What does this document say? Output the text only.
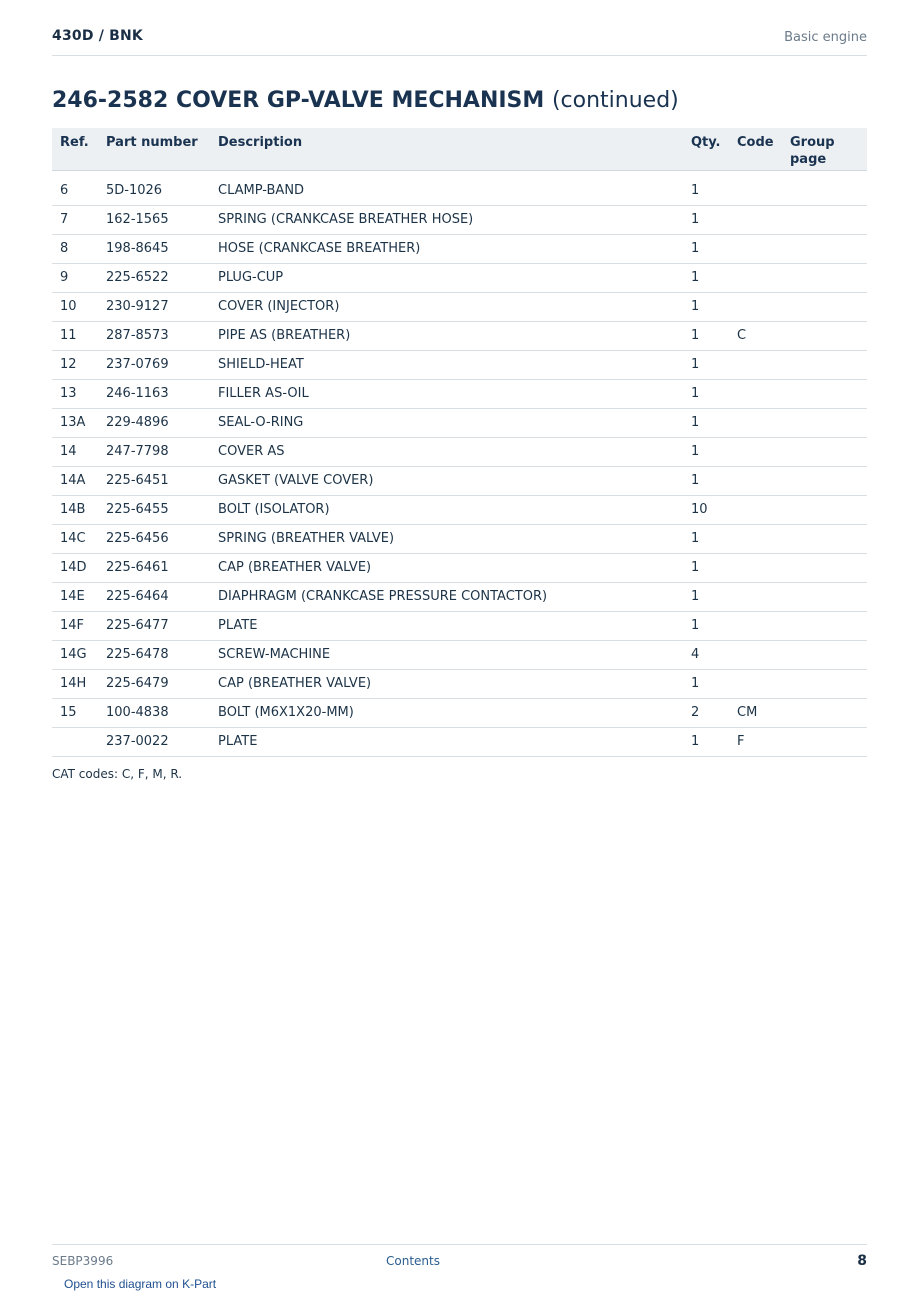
430D / BNK	Basic engine
246-2582 COVER GP-VALVE MECHANISM (continued)
Ref.	Part number	Description	Qty.	Code	Group page
6	5D-1026	CLAMP-BAND	1		
7	162-1565	SPRING (CRANKCASE BREATHER HOSE)	1		
8	198-8645	HOSE (CRANKCASE BREATHER)	1		
9	225-6522	PLUG-CUP	1		
10	230-9127	COVER (INJECTOR)	1		
11	287-8573	PIPE AS (BREATHER)	1	C	
12	237-0769	SHIELD-HEAT	1		
13	246-1163	FILLER AS-OIL	1		
13A	229-4896	SEAL-O-RING	1		
14	247-7798	COVER AS	1		
14A	225-6451	GASKET (VALVE COVER)	1		
14B	225-6455	BOLT (ISOLATOR)	10		
14C	225-6456	SPRING (BREATHER VALVE)	1		
14D	225-6461	CAP (BREATHER VALVE)	1		
14E	225-6464	DIAPHRAGM (CRANKCASE PRESSURE CONTACTOR)	1		
14F	225-6477	PLATE	1		
14G	225-6478	SCREW-MACHINE	4		
14H	225-6479	CAP (BREATHER VALVE)	1		
15	100-4838	BOLT (M6X1X20-MM)	2	CM	
	237-0022	PLATE	1	F	
CAT codes: C, F, M, R.
SEBP3996	Contents	8
Open this diagram on K-Part
